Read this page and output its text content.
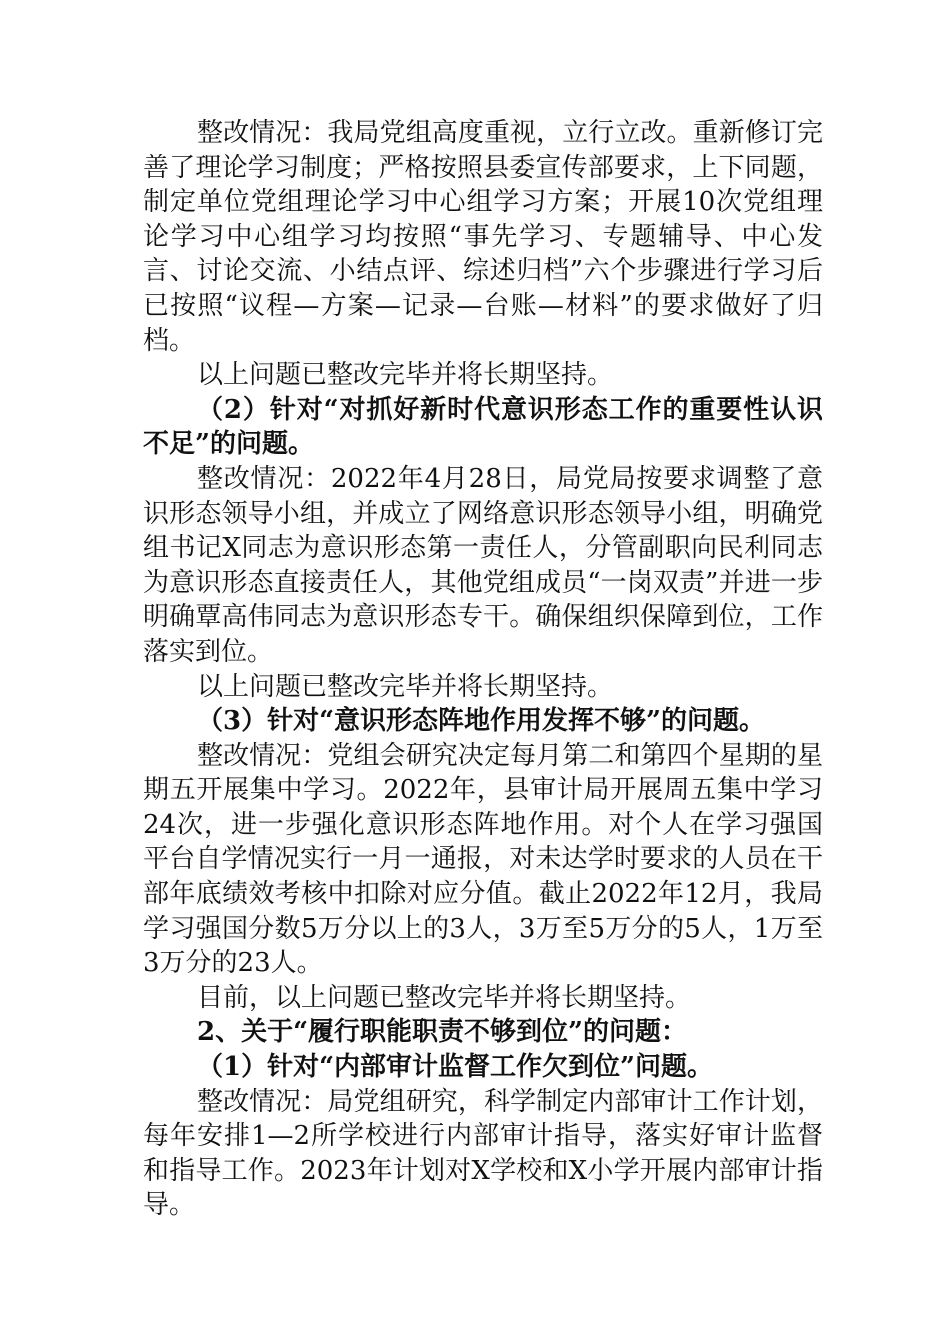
整改情况：我局党组高度重视，立行立改。重新修订完善了理论学习制度；严格按照县委宣传部要求，上下同题，制定单位党组理论学习中心组学习方案；开展10次党组理论学习中心组学习均按照“事先学习、专题辅导、中心发言、讨论交流、小结点评、综述归档”六个步骤进行学习后已按照“议程—方案—记录—台账—材料”的要求做好了归档。

以上问题已整改完毕并将长期坚持。

（2）针对“对抓好新时代意识形态工作的重要性认识不足”的问题。

整改情况：2022年4月28日，局党局按要求调整了意识形态领导小组，并成立了网络意识形态领导小组，明确党组书记X同志为意识形态第一责任人，分管副职向民利同志为意识形态直接责任人，其他党组成员“一岗双责”并进一步明确覃高伟同志为意识形态专干。确保组织保障到位，工作落实到位。

以上问题已整改完毕并将长期坚持。

（3）针对“意识形态阵地作用发挥不够”的问题。

整改情况：党组会研究决定每月第二和第四个星期的星期五开展集中学习。2022年，县审计局开展周五集中学习24次，进一步强化意识形态阵地作用。对个人在学习强国平台自学情况实行一月一通报，对未达学时要求的人员在干部年底绩效考核中扣除对应分值。截止2022年12月，我局学习强国分数5万分以上的3人，3万至5万分的5人，1万至3万分的23人。

目前，以上问题已整改完毕并将长期坚持。

2、关于“履行职能职责不够到位”的问题：

（1）针对“内部审计监督工作欠到位”问题。

整改情况：局党组研究，科学制定内部审计工作计划，每年安排1—2所学校进行内部审计指导，落实好审计监督和指导工作。2023年计划对X学校和X小学开展内部审计指导。
